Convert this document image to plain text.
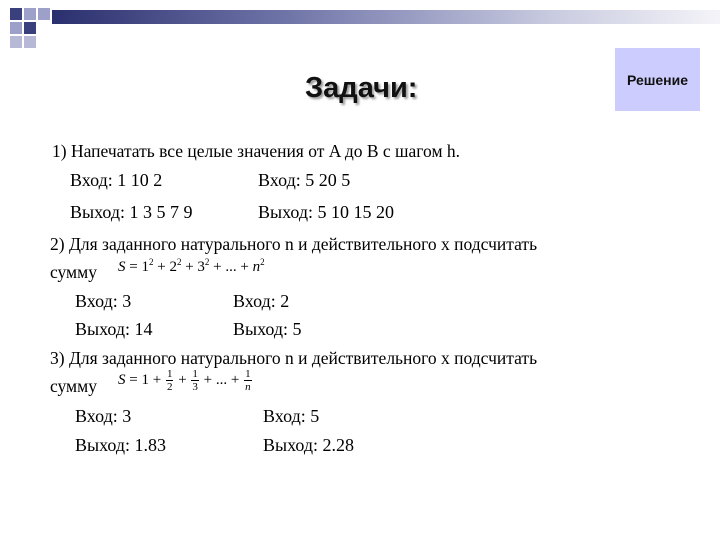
Задачи:	Решение
1) Напечатать все целые значения от A до B с шагом h.
Вход: 1 10 2	Вход: 5 20 5
Выход: 1 3 5 7 9	Выход: 5 10 15 20
2) Для заданного натурального n и действительного x подсчитать
сумму $S = 1^2 + 2^2 + 3^2$ + ... + $n^2$
Вход: 3	Вход: 2
Выход: 14	Выход: 5
3) Для заданного натурального n и действительного x подсчитать
сумму $S = 1 + \frac{1}{2} + \frac{1}{3}$ + ... + $\frac{1}{n}$
Вход: 3	Вход: 5
Выход: 1.83	Выход: 2.28
